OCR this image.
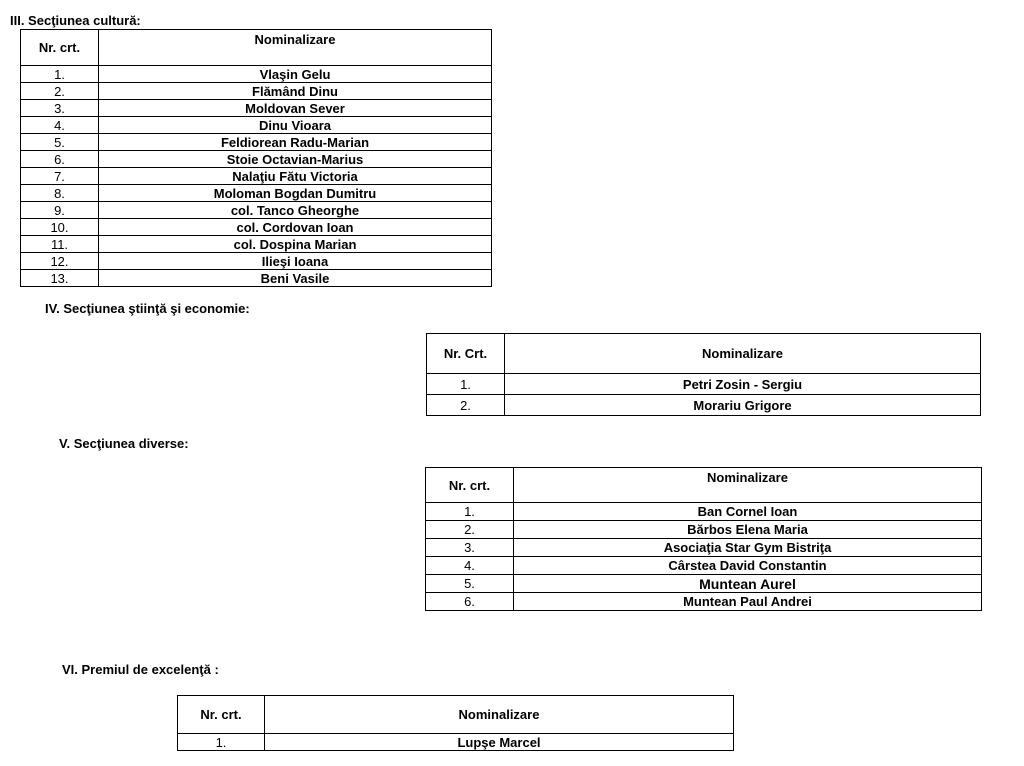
III. Secţiunea cultură:
Nr. crt.	Nominalizare
1.	Vlaşin Gelu
2.	Flămând Dinu
3.	Moldovan Sever
4.	Dinu Vioara
5.	Feldiorean Radu-Marian
6.	Stoie Octavian-Marius
7.	Nalaţiu Fătu Victoria
8.	Moloman Bogdan Dumitru
9.	col. Tanco Gheorghe
10.	col. Cordovan Ioan
11.	col. Dospina Marian
12.	Ilieşi Ioana
13.	Beni Vasile
IV. Secţiunea ştiinţă şi economie:
Nr. Crt.	Nominalizare
1.	Petri Zosin - Sergiu
2.	Morariu Grigore
V. Secţiunea diverse:
Nr. crt.	Nominalizare
1.	Ban Cornel Ioan
2.	Bărbos Elena Maria
3.	Asociaţia Star Gym Bistriţa
4.	Cârstea David Constantin
5.	Muntean Aurel
6.	Muntean Paul Andrei
VI. Premiul de excelenţă :
Nr. crt.	Nominalizare
1.	Lupşe Marcel
